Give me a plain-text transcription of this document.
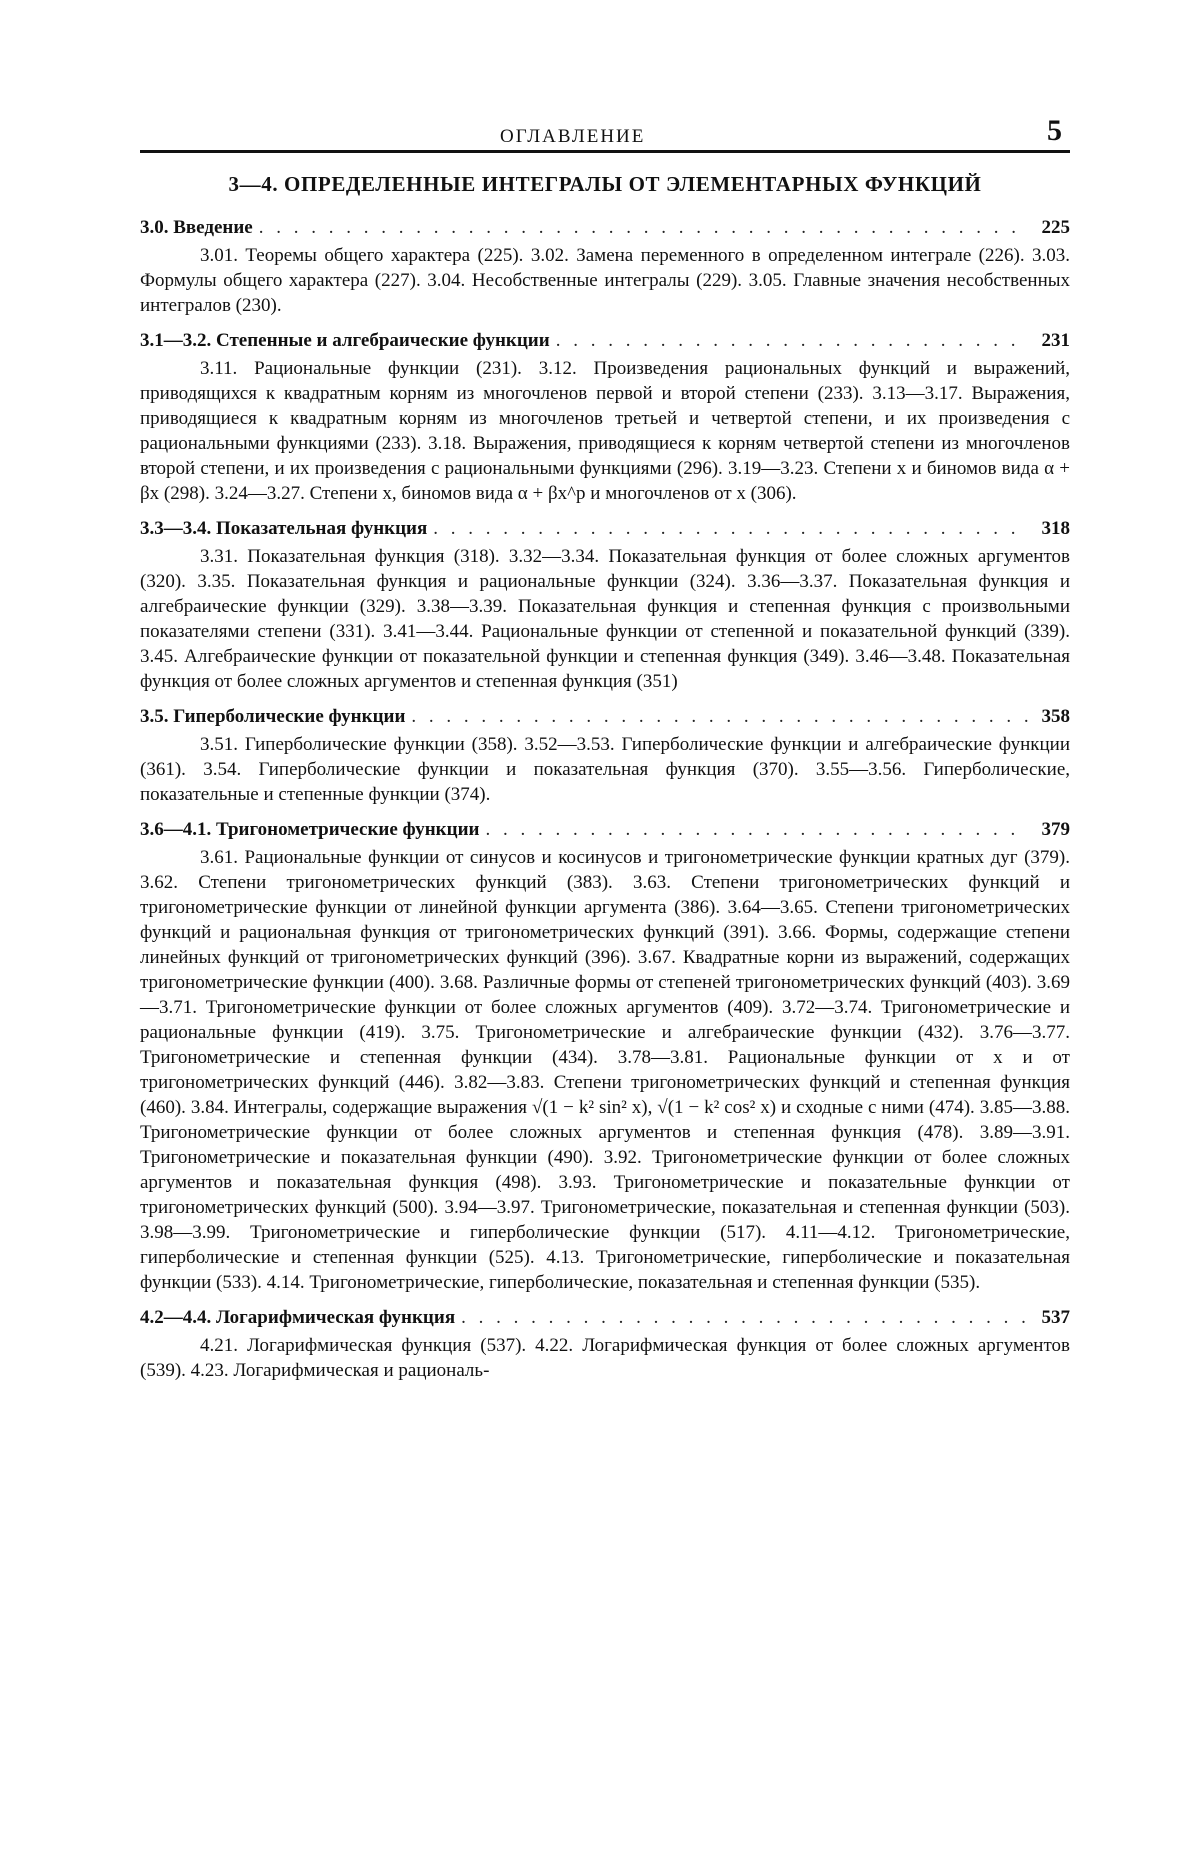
ОГЛАВЛЕНИЕ	5
3—4. ОПРЕДЕЛЕННЫЕ ИНТЕГРАЛЫ ОТ ЭЛЕМЕНТАРНЫХ ФУНКЦИЙ
3.0. Введение
. . .	225

3.01. Теоремы общего характера (225). 3.02. Замена переменного в определенном интеграле (226). 3.03. Формулы общего характера (227). 3.04. Несобственные интегралы (229). 3.05. Главные значения несобственных интегралов (230).

3.1—3.2. Степенные и алгебраические функции
. . .	231

3.11. Рациональные функции (231). 3.12. Произведения рациональных функций и выражений, приводящихся к квадратным корням из многочленов первой и второй степени (233). 3.13—3.17. Выражения, приводящиеся к квадратным корням из многочленов третьей и четвертой степени, и их произведения с рациональными функциями (233). 3.18. Выражения, приводящиеся к корням четвертой степени из многочленов второй степени, и их произведения с рациональными функциями (296). 3.19—3.23. Степени x и биномов вида α + βx (298). 3.24—3.27. Степени x, биномов вида α + βx^p и многочленов от x (306).

3.3—3.4. Показательная функция
. . .	318

3.31. Показательная функция (318). 3.32—3.34. Показательная функция от более сложных аргументов (320). 3.35. Показательная функция и рациональные функции (324). 3.36—3.37. Показательная функция и алгебраические функции (329). 3.38—3.39. Показательная функция и степенная функция с произвольными показателями степени (331). 3.41—3.44. Рациональные функции от степенной и показательной функций (339). 3.45. Алгебраические функции от показательной функции и степенная функция (349). 3.46—3.48. Показательная функция от более сложных аргументов и степенная функция (351)

3.5. Гиперболические функции
. . .	358

3.51. Гиперболические функции (358). 3.52—3.53. Гиперболические функции и алгебраические функции (361). 3.54. Гиперболические функции и показательная функция (370). 3.55—3.56. Гиперболические, показательные и степенные функции (374).

3.6—4.1. Тригонометрические функции
. . .	379

3.61. Рациональные функции от синусов и косинусов и тригонометрические функции кратных дуг (379). 3.62. Степени тригонометрических функций (383). 3.63. Степени тригонометрических функций и тригонометрические функции от линейной функции аргумента (386). 3.64—3.65. Степени тригонометрических функций и рациональная функция от тригонометрических функций (391). 3.66. Формы, содержащие степени линейных функций от тригонометрических функций (396). 3.67. Квадратные корни из выражений, содержащих тригонометрические функции (400). 3.68. Различные формы от степеней тригонометрических функций (403). 3.69—3.71. Тригонометрические функции от более сложных аргументов (409). 3.72—3.74. Тригонометрические и рациональные функции (419). 3.75. Тригонометрические и алгебраические функции (432). 3.76—3.77. Тригонометрические и степенная функции (434). 3.78—3.81. Рациональные функции от x и от тригонометрических функций (446). 3.82—3.83. Степени тригонометрических функций и степенная функция (460). 3.84. Интегралы, содержащие выражения √(1 − k² sin² x), √(1 − k² cos² x) и сходные с ними (474). 3.85—3.88. Тригонометрические функции от более сложных аргументов и степенная функция (478). 3.89—3.91. Тригонометрические и показательная функции (490). 3.92. Тригонометрические функции от более сложных аргументов и показательная функция (498). 3.93. Тригонометрические и показательные функции от тригонометрических функций (500). 3.94—3.97. Тригонометрические, показательная и степенная функции (503). 3.98—3.99. Тригонометрические и гиперболические функции (517). 4.11—4.12. Тригонометрические, гиперболические и степенная функции (525). 4.13. Тригонометрические, гиперболические и показательная функции (533). 4.14. Тригонометрические, гиперболические, показательная и степенная функции (535).

4.2—4.4. Логарифмическая функция
. . .	537

4.21. Логарифмическая функция (537). 4.22. Логарифмическая функция от более сложных аргументов (539). 4.23. Логарифмическая и рациональ-
